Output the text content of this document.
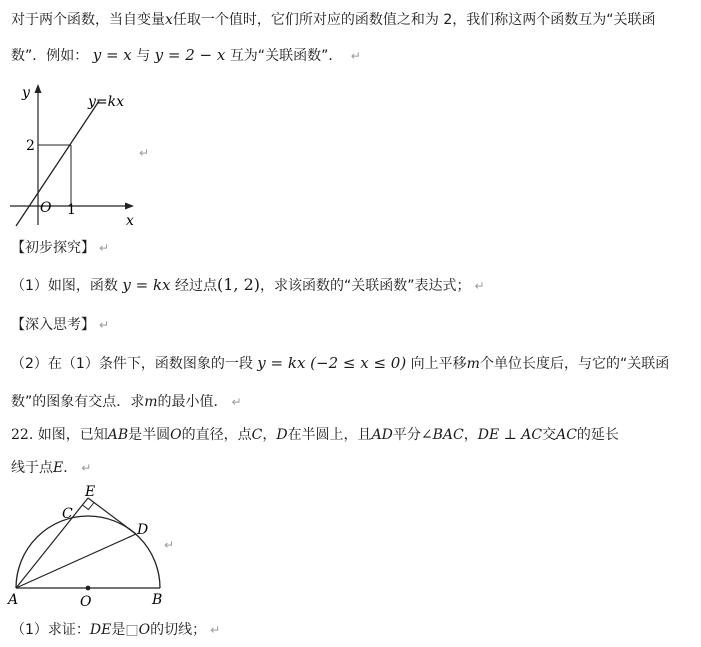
对于两个函数，当自变量x任取一个值时，它们所对应的函数值之和为 2，我们称这两个函数互为“关联函
数”．例如： y = x 与 y = 2 − x 互为“关联函数”． ↵
y
x
O 1
2
y=kx
↵
【初步探究】 ↵
（1）如图，函数 y = kx 经过点(1, 2)，求该函数的“关联函数”表达式； ↵
【深入思考】 ↵
（2）在（1）条件下，函数图象的一段 y = kx (−2 ≤ x ≤ 0) 向上平移m个单位长度后，与它的“关联函
数”的图象有交点．求m的最小值． ↵
22. 如图，已知AB是半圆O的直径，点C，D在半圆上，且AD平分∠BAC，DE ⊥ AC交AC的延长
线于点E． ↵
A	B
O
C
D
E
↵
（1）求证：DE是□O的切线； ↵
